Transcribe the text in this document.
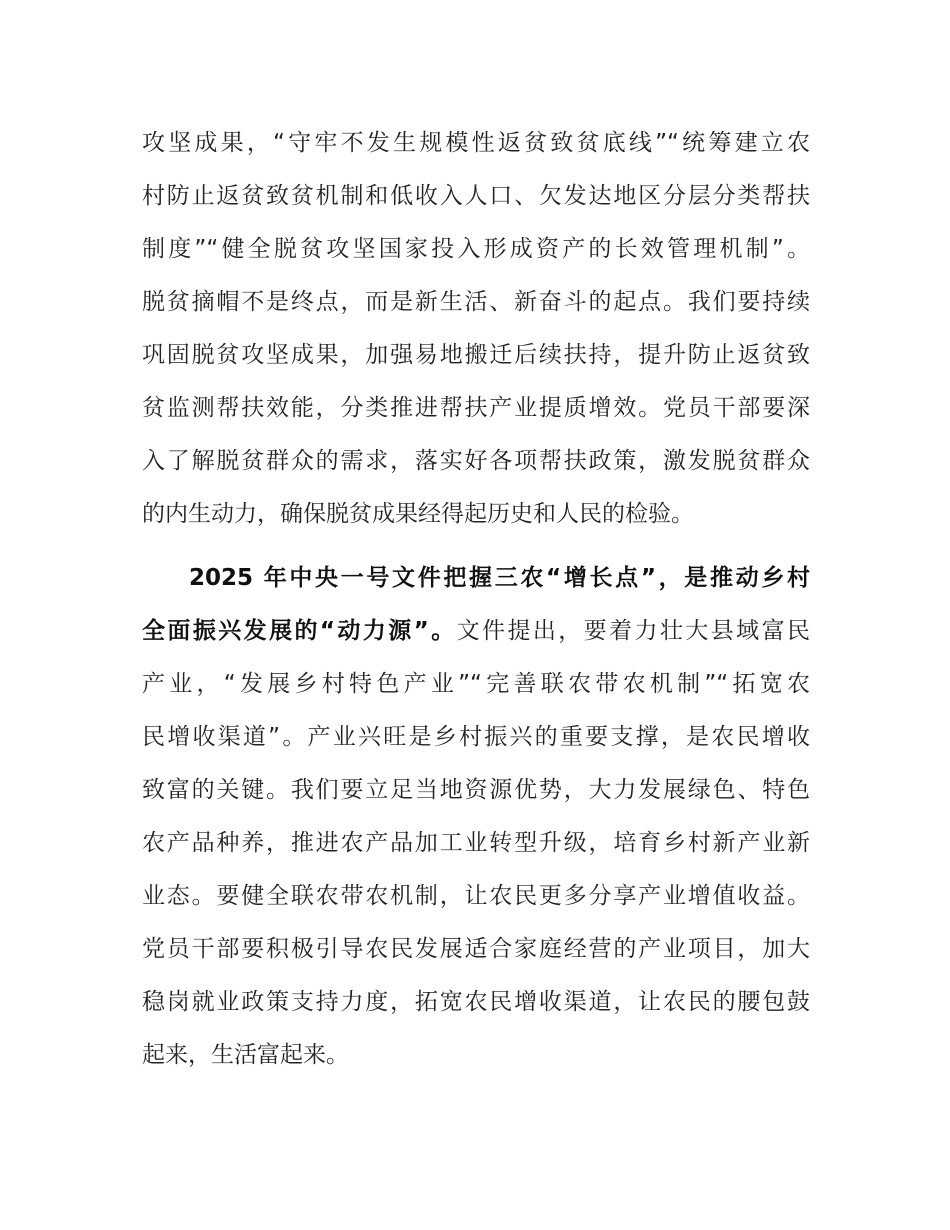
攻坚成果，“守牢不发生规模性返贫致贫底线”“统筹建立农
村防止返贫致贫机制和低收入人口、欠发达地区分层分类帮扶
制度”“健全脱贫攻坚国家投入形成资产的长效管理机制”。
脱贫摘帽不是终点，而是新生活、新奋斗的起点。我们要持续
巩固脱贫攻坚成果，加强易地搬迁后续扶持，提升防止返贫致
贫监测帮扶效能，分类推进帮扶产业提质增效。党员干部要深
入了解脱贫群众的需求，落实好各项帮扶政策，激发脱贫群众
的内生动力，确保脱贫成果经得起历史和人民的检验。
2025 年中央一号文件把握三农“增长点”，是推动乡村
全面振兴发展的“动力源”。文件提出，要着力壮大县域富民
产业，“发展乡村特色产业”“完善联农带农机制”“拓宽农
民增收渠道”。产业兴旺是乡村振兴的重要支撑，是农民增收
致富的关键。我们要立足当地资源优势，大力发展绿色、特色
农产品种养，推进农产品加工业转型升级，培育乡村新产业新
业态。要健全联农带农机制，让农民更多分享产业增值收益。
党员干部要积极引导农民发展适合家庭经营的产业项目，加大
稳岗就业政策支持力度，拓宽农民增收渠道，让农民的腰包鼓
起来，生活富起来。
